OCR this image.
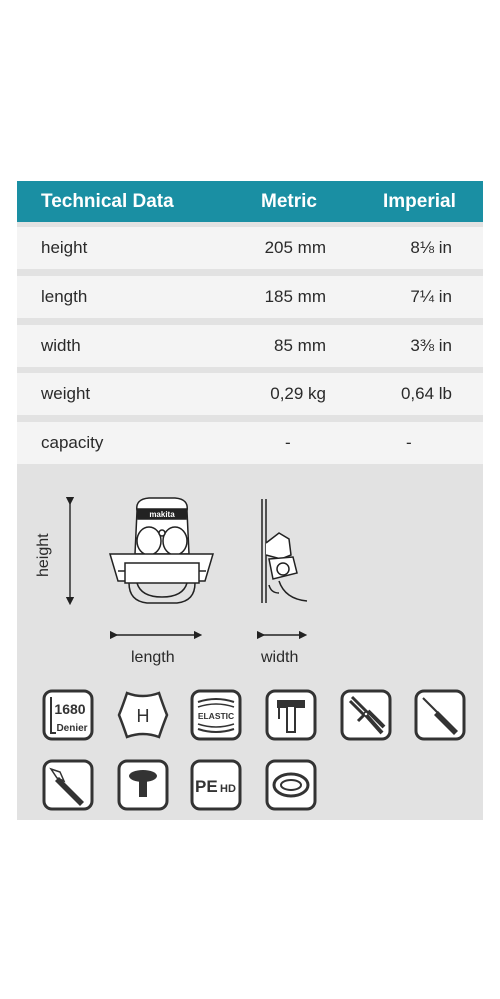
Technical Data	Metric	Imperial
height	205 mm	8⅛ in
length	185 mm	7¼ in
width	85 mm	3⅜ in
weight	0,29 kg	0,64 lb
capacity	-	-
makita
height
length	width
1680
Denier
H	ELASTIC
PE HD
